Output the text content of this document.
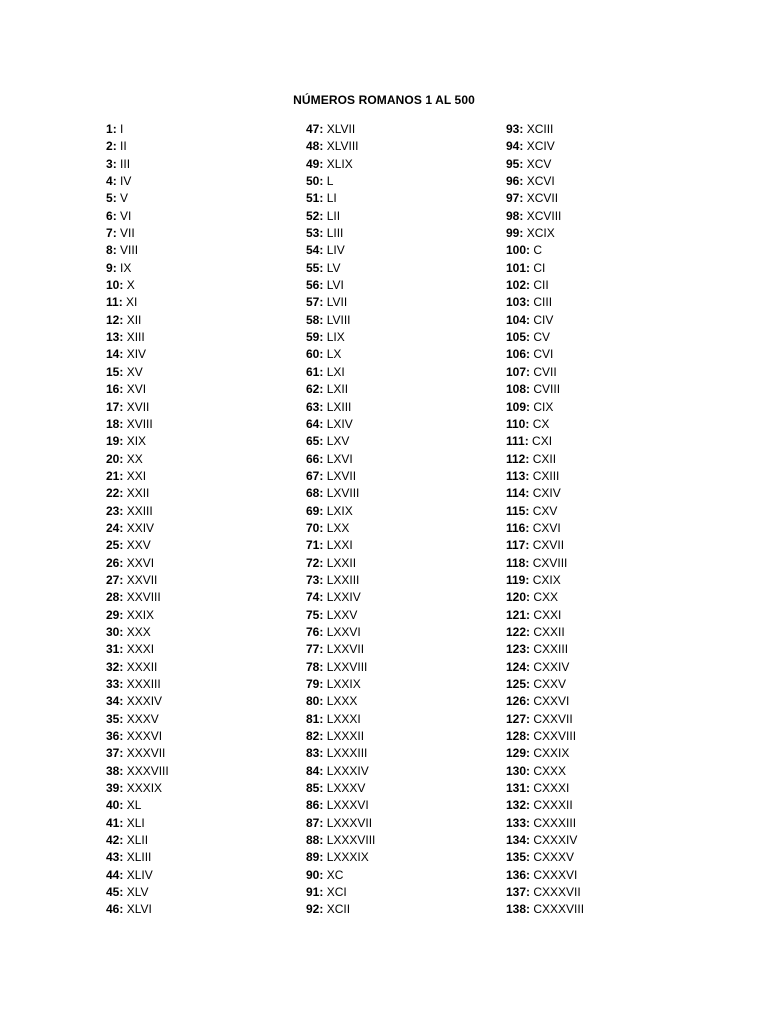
NÚMEROS ROMANOS 1 AL 500
1: I
2: II
3: III
4: IV
5: V
6: VI
7: VII
8: VIII
9: IX
10: X
11: XI
12: XII
13: XIII
14: XIV
15: XV
16: XVI
17: XVII
18: XVIII
19: XIX
20: XX
21: XXI
22: XXII
23: XXIII
24: XXIV
25: XXV
26: XXVI
27: XXVII
28: XXVIII
29: XXIX
30: XXX
31: XXXI
32: XXXII
33: XXXIII
34: XXXIV
35: XXXV
36: XXXVI
37: XXXVII
38: XXXVIII
39: XXXIX
40: XL
41: XLI
42: XLII
43: XLIII
44: XLIV
45: XLV
46: XLVI
47: XLVII
48: XLVIII
49: XLIX
50: L
51: LI
52: LII
53: LIII
54: LIV
55: LV
56: LVI
57: LVII
58: LVIII
59: LIX
60: LX
61: LXI
62: LXII
63: LXIII
64: LXIV
65: LXV
66: LXVI
67: LXVII
68: LXVIII
69: LXIX
70: LXX
71: LXXI
72: LXXII
73: LXXIII
74: LXXIV
75: LXXV
76: LXXVI
77: LXXVII
78: LXXVIII
79: LXXIX
80: LXXX
81: LXXXI
82: LXXXII
83: LXXXIII
84: LXXXIV
85: LXXXV
86: LXXXVI
87: LXXXVII
88: LXXXVIII
89: LXXXIX
90: XC
91: XCI
92: XCII
93: XCIII
94: XCIV
95: XCV
96: XCVI
97: XCVII
98: XCVIII
99: XCIX
100: C
101: CI
102: CII
103: CIII
104: CIV
105: CV
106: CVI
107: CVII
108: CVIII
109: CIX
110: CX
111: CXI
112: CXII
113: CXIII
114: CXIV
115: CXV
116: CXVI
117: CXVII
118: CXVIII
119: CXIX
120: CXX
121: CXXI
122: CXXII
123: CXXIII
124: CXXIV
125: CXXV
126: CXXVI
127: CXXVII
128: CXXVIII
129: CXXIX
130: CXXX
131: CXXXI
132: CXXXII
133: CXXXIII
134: CXXXIV
135: CXXXV
136: CXXXVI
137: CXXXVII
138: CXXXVIII
